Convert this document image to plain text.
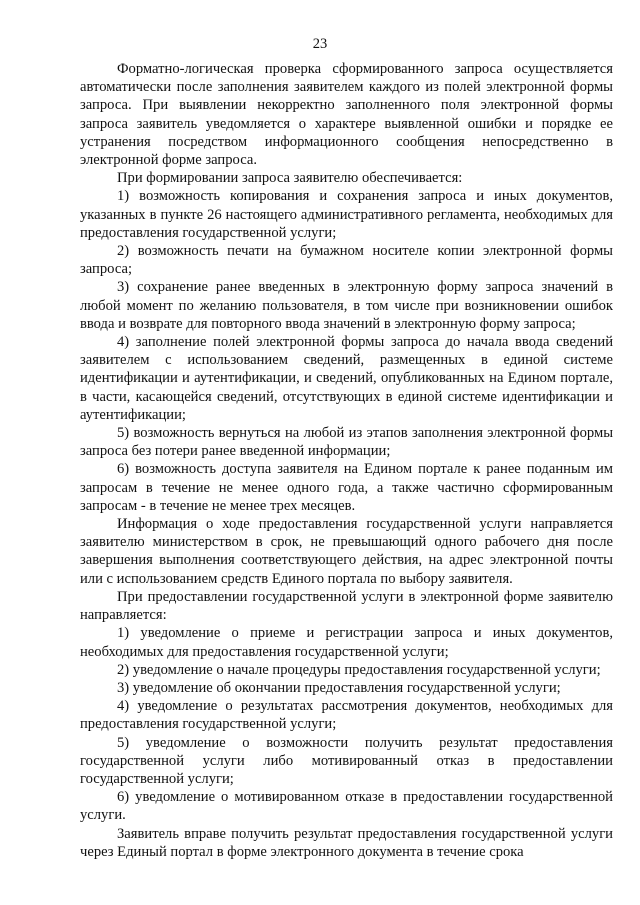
23

Форматно-логическая проверка сформированного запроса осуществляется автоматически после заполнения заявителем каждого из полей электронной формы запроса. При выявлении некорректно заполненного поля электронной формы запроса заявитель уведомляется о характере выявленной ошибки и порядке ее устранения посредством информационного сообщения непосредственно в электронной форме запроса.

При формировании запроса заявителю обеспечивается:

1) возможность копирования и сохранения запроса и иных документов, указанных в пункте 26 настоящего административного регламента, необходимых для предоставления государственной услуги;

2) возможность печати на бумажном носителе копии электронной формы запроса;

3) сохранение ранее введенных в электронную форму запроса значений в любой момент по желанию пользователя, в том числе при возникновении ошибок ввода и возврате для повторного ввода значений в электронную форму запроса;

4) заполнение полей электронной формы запроса до начала ввода сведений заявителем с использованием сведений, размещенных в единой системе идентификации и аутентификации, и сведений, опубликованных на Едином портале, в части, касающейся сведений, отсутствующих в единой системе идентификации и аутентификации;

5) возможность вернуться на любой из этапов заполнения электронной формы запроса без потери ранее введенной информации;

6) возможность доступа заявителя на Едином портале к ранее поданным им запросам в течение не менее одного года, а также частично сформированным запросам - в течение не менее трех месяцев.

Информация о ходе предоставления государственной услуги направляется заявителю министерством в срок, не превышающий одного рабочего дня после завершения выполнения соответствующего действия, на адрес электронной почты или с использованием средств Единого портала по выбору заявителя.

При предоставлении государственной услуги в электронной форме заявителю направляется:

1) уведомление о приеме и регистрации запроса и иных документов, необходимых для предоставления государственной услуги;

2) уведомление о начале процедуры предоставления государственной услуги;

3) уведомление об окончании предоставления государственной услуги;

4) уведомление о результатах рассмотрения документов, необходимых для предоставления государственной услуги;

5) уведомление о возможности получить результат предоставления государственной услуги либо мотивированный отказ в предоставлении государственной услуги;

6) уведомление о мотивированном отказе в предоставлении государственной услуги.

Заявитель вправе получить результат предоставления государственной услуги через Единый портал в форме электронного документа в течение срока
